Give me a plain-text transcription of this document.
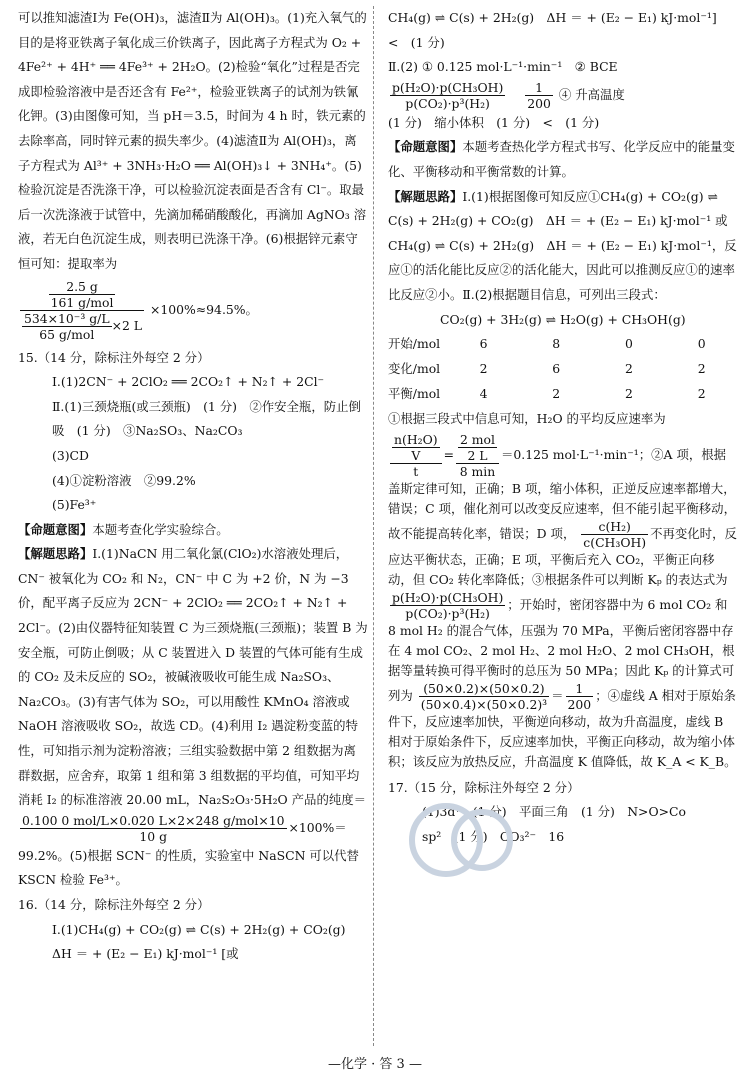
可以推知滤渣Ⅰ为 Fe(OH)₃，滤渣Ⅱ为 Al(OH)₃。(1)充入氧气的目的是将亚铁离子氧化成三价铁离子，因此离子方程式为 O₂ + 4Fe²⁺ + 4H⁺ ══ 4Fe³⁺ + 2H₂O。(2)检验“氧化”过程是否完成即检验溶液中是否还含有 Fe²⁺，检验亚铁离子的试剂为铁氰化钾。(3)由图像可知，当 pH＝3.5，时间为 4 h 时，铁元素的去除率高，同时锌元素的损失率少。(4)滤渣Ⅱ为 Al(OH)₃，离子方程式为 Al³⁺ + 3NH₃·H₂O ══ Al(OH)₃↓ + 3NH₄⁺。(5)检验沉淀是否洗涤干净，可以检验沉淀表面是否含有 Cl⁻。取最后一次洗涤液于试管中，先滴加稀硝酸酸化，再滴加 AgNO₃ 溶液，若无白色沉淀生成，则表明已洗涤干净。(6)根据锌元素守恒可知：提取率为

$\frac{\frac{2.5 g}{\text{161 g/mol}}}{\frac{\text{534×10⁻³ g/L}}{\text{65 g/mol}} \times 2 L} \times 100\%\approx 94.5\%$。

15.（14 分，除标注外每空 2 分）

Ⅰ.(1)2CN⁻ + 2ClO₂ ══ 2CO₂↑ + N₂↑ + 2Cl⁻

Ⅱ.(1)三颈烧瓶(或三颈瓶)　(1 分)　②作安全瓶，防止倒吸　(1 分)　③Na₂SO₃、Na₂CO₃

(3)CD

(4)①淀粉溶液　②99.2%

(5)Fe³⁺

【命题意图】本题考查化学实验综合。

【解题思路】Ⅰ.(1)NaCN 用二氧化氯(ClO₂)水溶液处理后，CN⁻ 被氧化为 CO₂ 和 N₂，CN⁻ 中 C 为 +2 价，N 为 −3 价，配平离子反应为 2CN⁻ + 2ClO₂ ══ 2CO₂↑ + N₂↑ + 2Cl⁻。(2)由仪器特征知装置 C 为三颈烧瓶(三颈瓶)；装置 B 为安全瓶，可防止倒吸；从 C 装置进入 D 装置的气体可能有生成的 CO₂ 及未反应的 SO₂，被碱液吸收可能生成 Na₂SO₃、Na₂CO₃。(3)有害气体为 SO₂，可以用酸性 KMnO₄ 溶液或 NaOH 溶液吸收 SO₂，故选 CD。(4)利用 I₂ 遇淀粉变蓝的特性，可知指示剂为淀粉溶液；三组实验数据中第 2 组数据为离群数据，应舍弃，取第 1 组和第 3 组数据的平均值，可知平均消耗 I₂ 的标准溶液 20.00 mL，Na₂S₂O₃·5H₂O 产品的纯度＝

$\frac{\text{0.100 0 mol/L×0.020 L×2×248 g/mol×10}}{10 g} \times 100\%=$

99.2%。(5)根据 SCN⁻ 的性质，实验室中 NaSCN 可以代替 KSCN 检验 Fe³⁺。

16.（14 分，除标注外每空 2 分）

Ⅰ.(1)CH₄(g) + CO₂(g) ⇌ C(s) + 2H₂(g) + CO₂(g)　ΔH ＝ + (E₂ − E₁) kJ·mol⁻¹ [或

CH₄(g) ⇌ C(s) + 2H₂(g)　ΔH ＝ + (E₂ − E₁) kJ·mol⁻¹]　<　(1 分)

Ⅱ.(2) ① 0.125 mol·L⁻¹·min⁻¹　② BCE

$\frac{\text{p(H₂O)·p(CH₃OH)}}{\text{p(CO₂)·p³(H₂)}}$
$\frac{1}{200}$ ④ 升高温度

(1 分)　缩小体积　(1 分)　<　(1 分)

【命题意图】本题考查热化学方程式书写、化学反应中的能量变化、平衡移动和平衡常数的计算。

【解题思路】Ⅰ.(1)根据图像可知反应①CH₄(g) + CO₂(g) ⇌ C(s) + 2H₂(g) + CO₂(g)　ΔH ＝ + (E₂ − E₁) kJ·mol⁻¹ 或 CH₄(g) ⇌ C(s) + 2H₂(g)　ΔH ＝ + (E₂ − E₁) kJ·mol⁻¹，反应①的活化能比反应②的活化能大，因此可以推测反应①的速率比反应②小。Ⅱ.(2)根据题目信息，可列出三段式：

CO₂(g) + 3H₂(g) ⇌ H₂O(g) + CH₃OH(g)

开始/mol	6	8	0	0
变化/mol	2	6	2	2
平衡/mol	4	2	2	2

①根据三段式中信息可知，H₂O 的平均反应速率为

$\frac{\frac{\text{n(H₂O)}}{V}}{t} = \frac{\frac{\text{2 mol}}{2 L}}{8 \min} =0.125$ mol·L⁻¹·min⁻¹；②A 项，根据盖斯定律可知，正确；B 项，缩小体积，正逆反应速率都增大，错误；C 项，催化剂可以改变反应速率，但不能引起平衡移动，故不能提高转化率，错误；D 项， $\frac{\text{c(H₂)}}{\text{c(CH₃OH)}}$ 不再变化时，反应达平衡状态，正确；E 项，平衡后充入 CO₂，平衡正向移动，但 CO₂ 转化率降低；③根据条件可以判断 Kₚ 的表达式为
$\frac{\text{p(H₂O)·p(CH₃OH)}}{\text{p(CO₂)·p³(H₂)}}$ ；开始时，密闭容器中为 6 mol CO₂ 和 8 mol H₂ 的混合气体，压强为 70 MPa，平衡后密闭容器中存在 4 mol CO₂、2 mol H₂、2 mol H₂O、2 mol CH₃OH，根据等量转换可得平衡时的总压为 50 MPa；因此 Kₚ 的计算式可列为 $\frac{(50\times 0.2)\times(50\times 0.2)}{\text{(50×0.4)×(50×0.2)³}} = \frac{1}{200}$ ；④虚线 A 相对于原始条件下，反应速率加快，平衡逆向移动，故为升高温度，虚线 B 相对于原始条件下，反应速率加快，平衡正向移动，故为缩小体积；该反应为放热反应，升高温度 K 值降低，故 K_A < K_B。

17.（15 分，除标注外每空 2 分）

(1)3d⁷　(1 分)　平面三角　(1 分)　N>O>Co

sp²　(1 分)　CO₃²⁻　16

—化学 · 答 3 —
